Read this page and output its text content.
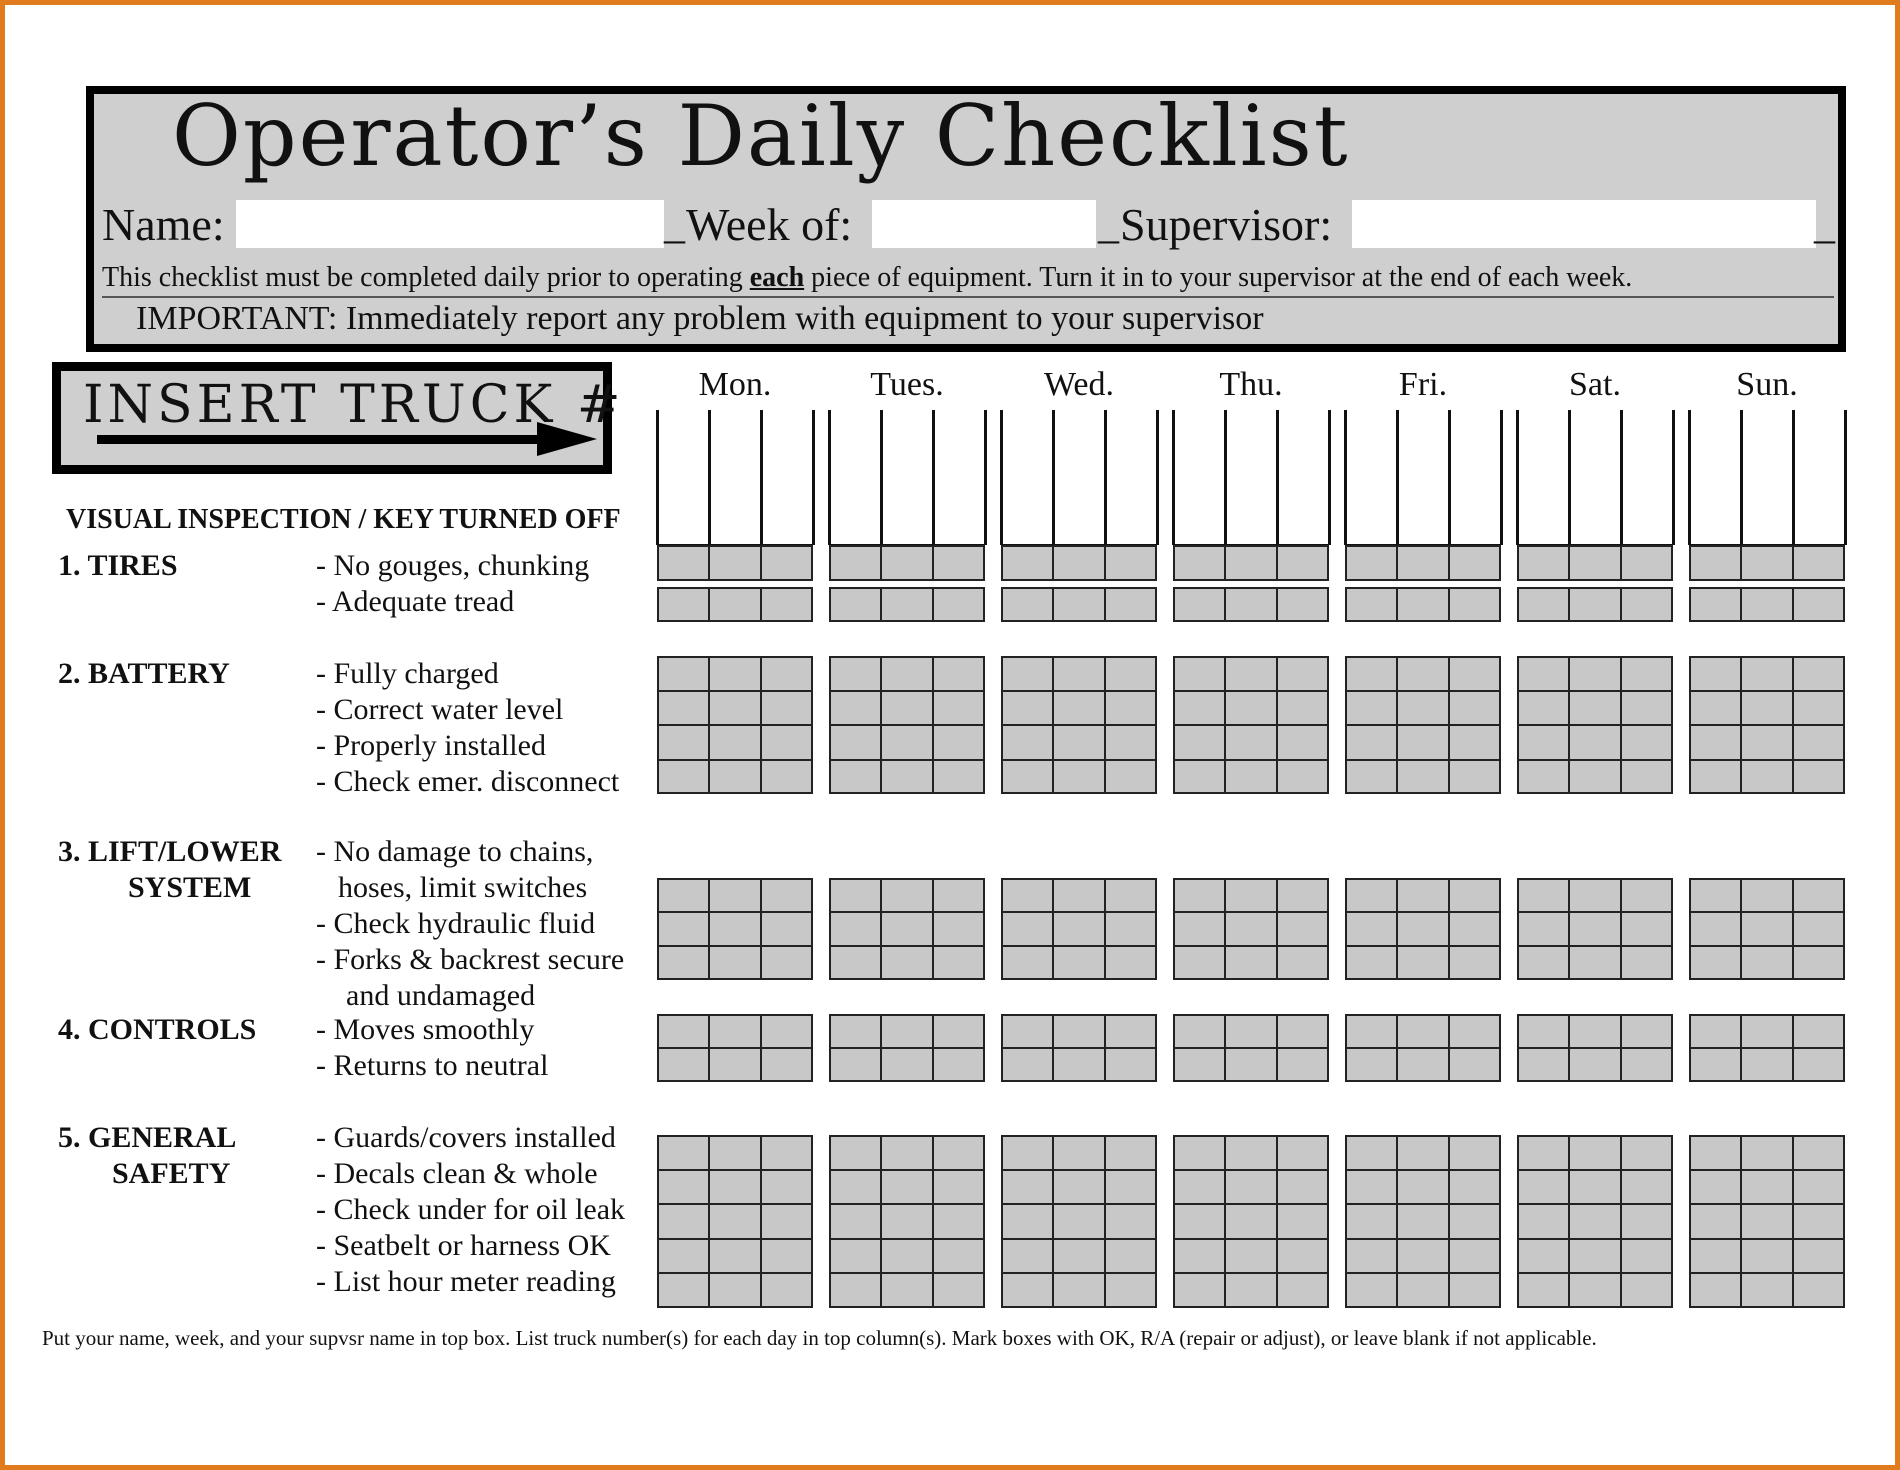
Operator’s Daily Checklist
Name:	_ Week of:	_ Supervisor:	_
This checklist must be completed daily prior to operating each piece of equipment. Turn it in to your supervisor at the end of each week.
IMPORTANT: Immediately report any problem with equipment to your supervisor
INSERT TRUCK #	Mon.	Tues.	Wed.	Thu.	Fri.	Sat.	Sun.
VISUAL INSPECTION / KEY TURNED OFF
1. TIRES	- No gouges, chunking
- Adequate tread
2. BATTERY	- Fully charged
- Correct water level
- Properly installed
- Check emer. disconnect
3. LIFT/LOWER
SYSTEM
- No damage to chains,
hoses, limit switches
- Check hydraulic fluid
- Forks & backrest secure
and undamaged
4. CONTROLS - Moves smoothly
- Returns to neutral
5. GENERAL
SAFETY
- Guards/covers installed
- Decals clean & whole
- Check under for oil leak
- Seatbelt or harness OK
- List hour meter reading
Put your name, week, and your supvsr name in top box. List truck number(s) for each day in top column(s). Mark boxes with OK, R/A (repair or adjust), or leave blank if not applicable.
